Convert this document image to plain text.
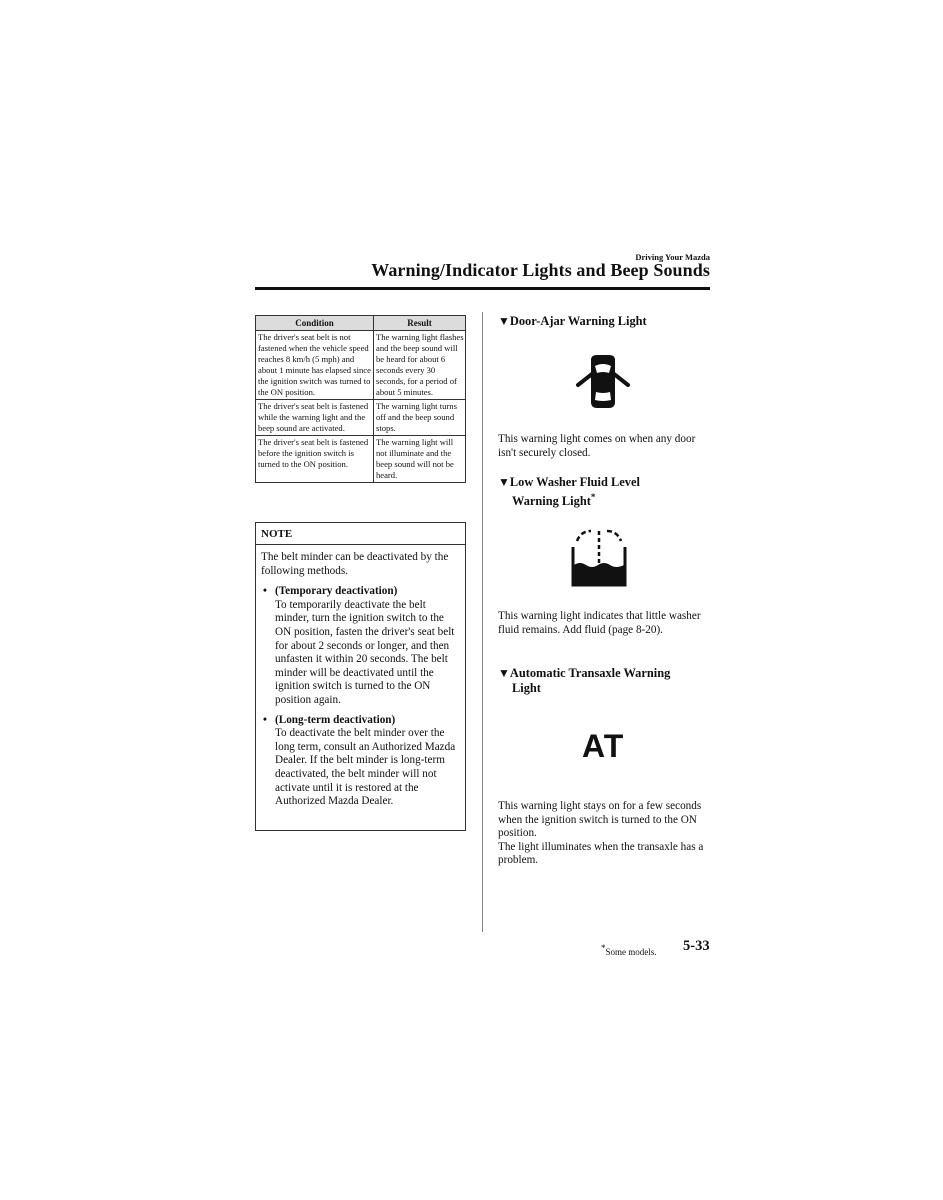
Driving Your Mazda
Warning/Indicator Lights and Beep Sounds
Condition	Result
The driver's seat belt is not fastened when the vehicle speed reaches 8 km/h (5 mph) and about 1 minute has elapsed since the ignition switch was turned to the ON position.	The warning light flashes and the beep sound will be heard for about 6 seconds every 30 seconds, for a period of about 5 minutes.
The driver's seat belt is fastened while the warning light and the beep sound are activated.	The warning light turns off and the beep sound stops.
The driver's seat belt is fastened before the ignition switch is turned to the ON position.	The warning light will not illuminate and the beep sound will not be heard.
NOTE

The belt minder can be deactivated by the following methods.

• (Temporary deactivation)
To temporarily deactivate the belt minder, turn the ignition switch to the ON position, fasten the driver's seat belt for about 2 seconds or longer, and then unfasten it within 20 seconds. The belt minder will be deactivated until the ignition switch is turned to the ON position again.
• (Long-term deactivation)
To deactivate the belt minder over the long term, consult an Authorized Mazda Dealer. If the belt minder is long-term deactivated, the belt minder will not activate until it is restored at the Authorized Mazda Dealer.
▼Door-Ajar Warning Light
This warning light comes on when any door isn't securely closed.
▼Low Washer Fluid Level
Warning Light*
This warning light indicates that little washer fluid remains. Add fluid (page 8-20).
▼Automatic Transaxle Warning
Light
AT
This warning light stays on for a few seconds when the ignition switch is turned to the ON position.
The light illuminates when the transaxle has a problem.
*Some models. 5-33
